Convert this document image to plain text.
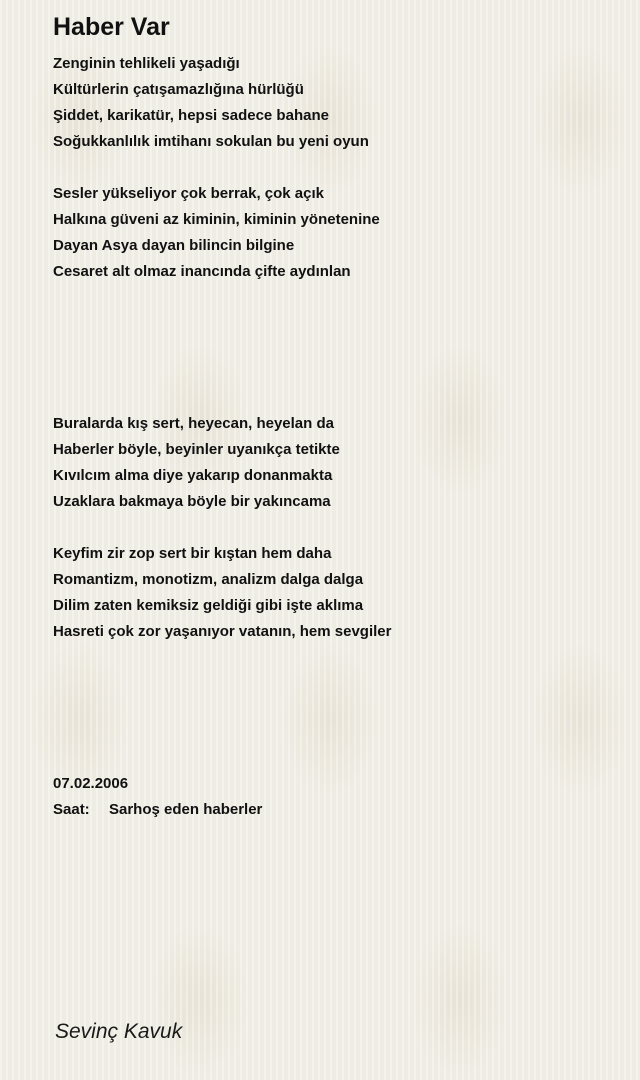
Haber Var
Zenginin tehlikeli yaşadığı
Kültürlerin çatışamazlığına hürlüğü
Şiddet, karikatür, hepsi sadece bahane
Soğukkanlılık imtihanı sokulan bu yeni oyun
Sesler yükseliyor çok berrak, çok açık
Halkına güveni az kiminin, kiminin yönetenine
Dayan Asya dayan bilincin bilgine
Cesaret alt olmaz inancında çifte aydınlan
Buralarda kış sert, heyecan, heyelan da
Haberler böyle, beyinler uyanıkça tetikte
Kıvılcım alma diye yakarıp donanmakta
Uzaklara bakmaya böyle bir yakıncama
Keyfim zir zop sert bir kıştan hem daha
Romantizm, monotizm, analizm dalga dalga
Dilim zaten kemiksiz geldiği gibi işte aklıma
Hasreti çok zor yaşanıyor vatanın, hem sevgiler
07.02.2006
Saat: Sarhoş eden haberler
Sevinç Kavuk
